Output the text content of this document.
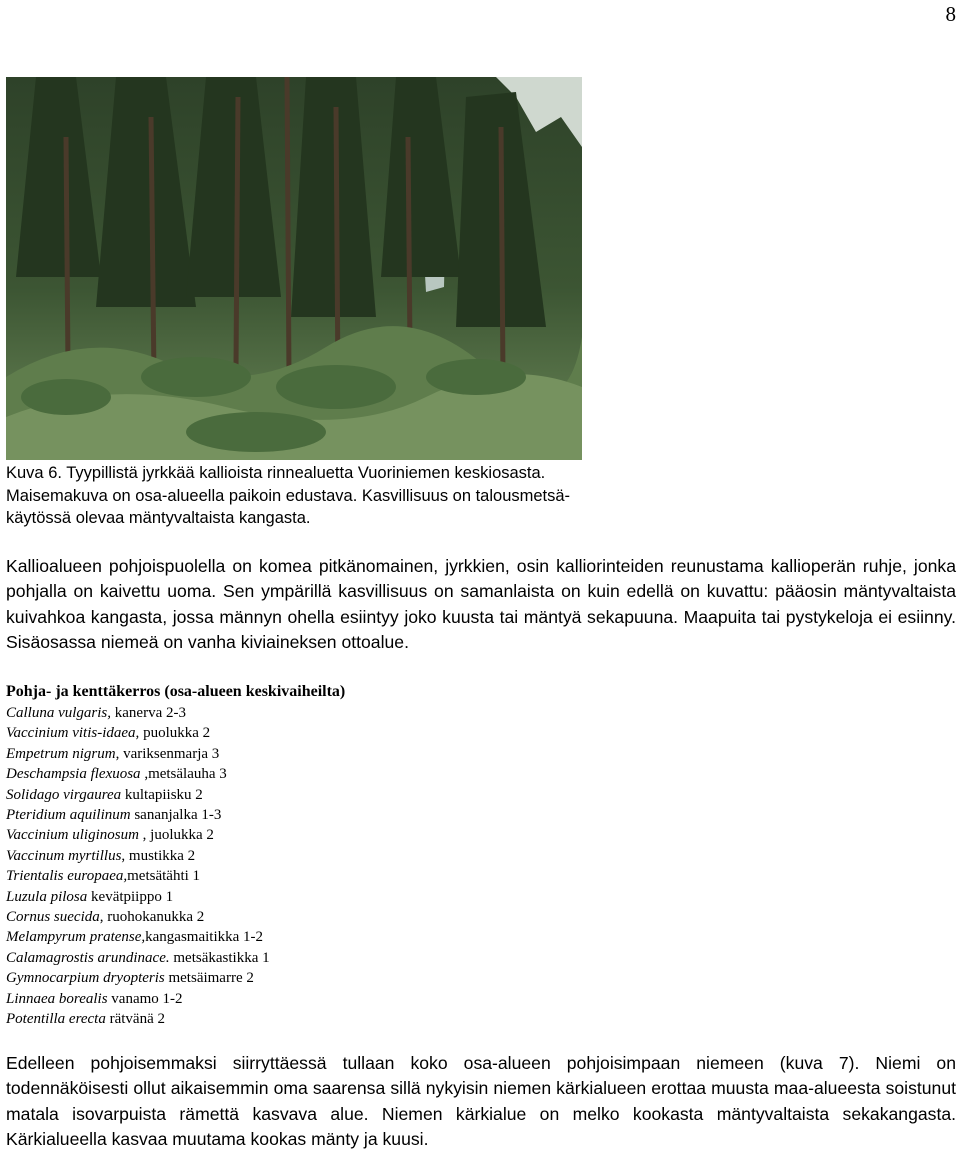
8
Kuva 6. Tyypillistä jyrkkää kallioista rinnealuetta Vuoriniemen keskiosasta.
Maisemakuva on osa-alueella paikoin edustava. Kasvillisuus on talousmetsä-
käytössä olevaa mäntyvaltaista kangasta.
Kallioalueen pohjoispuolella on komea pitkänomainen, jyrkkien, osin kalliorinteiden reunustama kallioperän ruhje, jonka pohjalla on kaivettu uoma. Sen ympärillä kasvillisuus on samanlaista on kuin edellä on kuvattu: pääosin mäntyvaltaista kuivahkoa kangasta, jossa männyn ohella esiintyy joko kuusta tai mäntyä sekapuuna. Maapuita tai pystykeloja ei esiinny. Sisäosassa niemeä on vanha kiviaineksen ottoalue.
Pohja- ja kenttäkerros (osa-alueen keskivaiheilta)
Calluna vulgaris, kanerva 2-3
Vaccinium vitis-idaea, puolukka 2
Empetrum nigrum, variksenmarja 3
Deschampsia flexuosa ,metsälauha 3
Solidago virgaurea kultapiisku 2
Pteridium aquilinum sananjalka 1-3
Vaccinium uliginosum , juolukka 2
Vaccinum myrtillus, mustikka 2
Trientalis europaea,metsätähti 1
Luzula pilosa kevätpiippo 1
Cornus suecida, ruohokanukka 2
Melampyrum pratense,kangasmaitikka 1-2
Calamagrostis arundinace. metsäkastikka 1
Gymnocarpium dryopteris metsäimarre 2
Linnaea borealis vanamo 1-2
Potentilla erecta rätvänä 2
Edelleen pohjoisemmaksi siirryttäessä tullaan koko osa-alueen pohjoisimpaan niemeen (kuva 7). Niemi on todennäköisesti ollut aikaisemmin oma saarensa sillä nykyisin niemen kärkialueen erottaa muusta maa-alueesta soistunut matala isovarpuista rämettä kasvava alue. Niemen kärkialue on melko kookasta mäntyvaltaista sekakangasta. Kärkialueella kasvaa muutama kookas mänty ja kuusi.
